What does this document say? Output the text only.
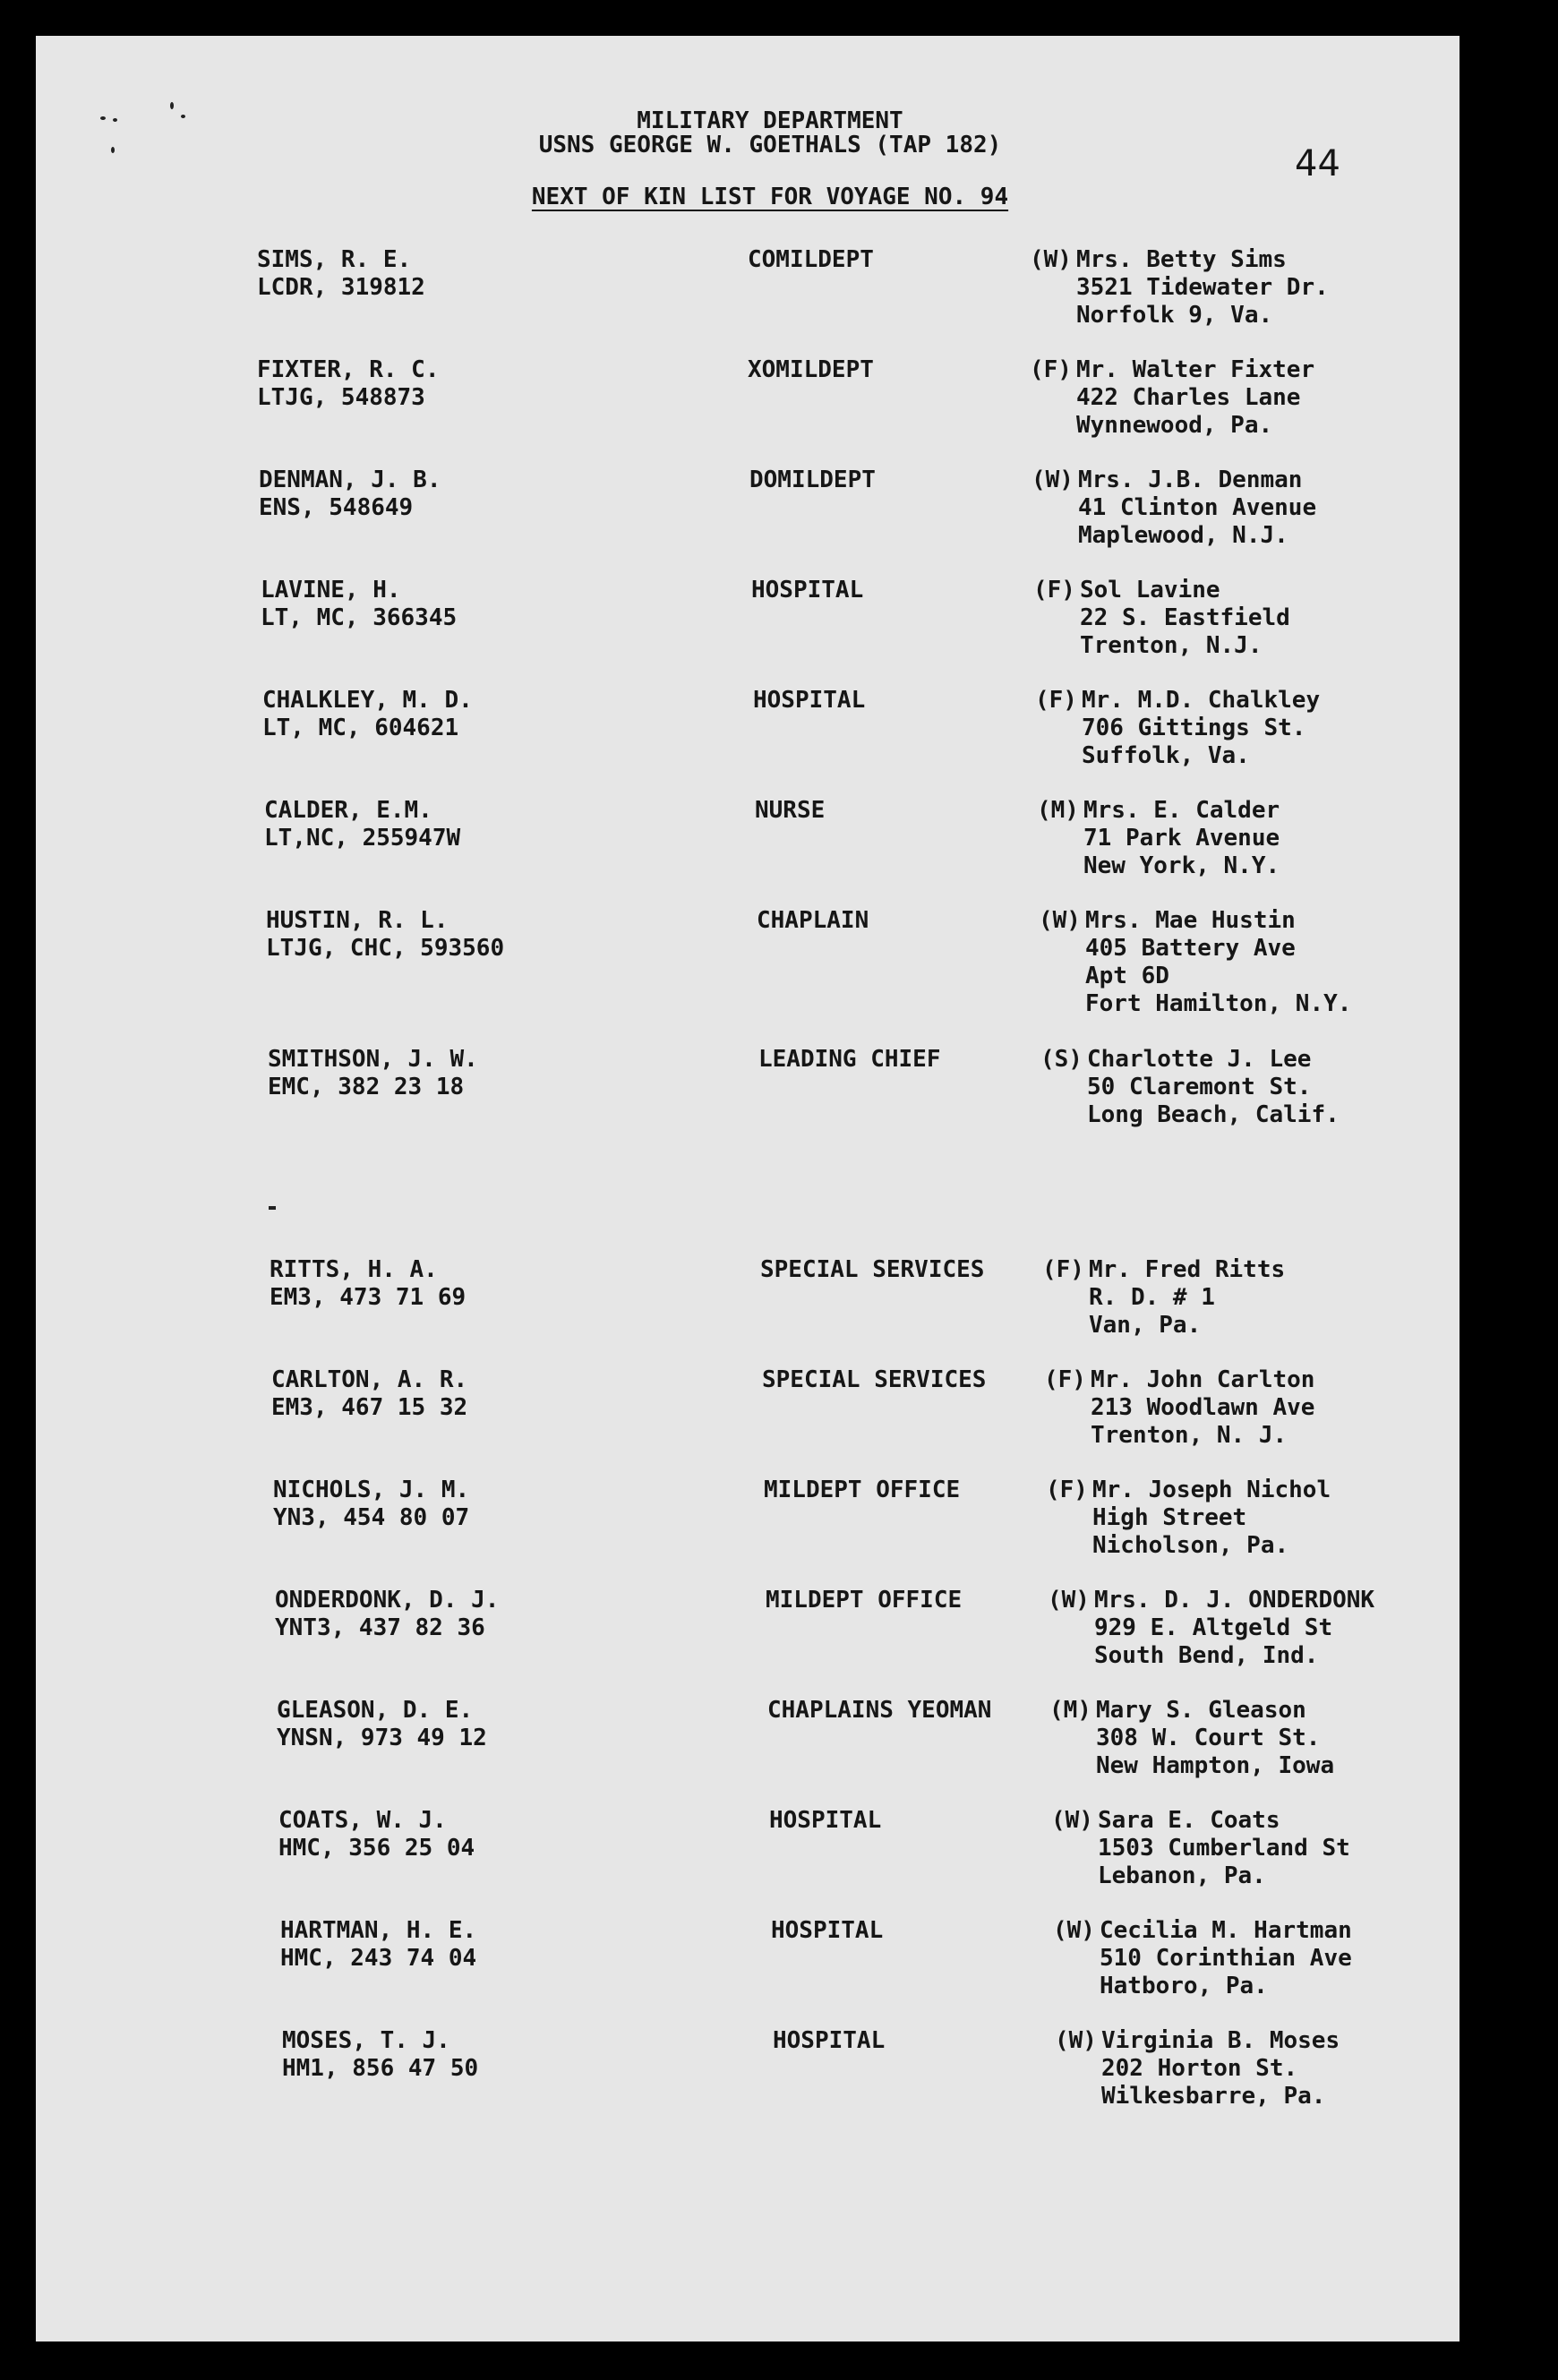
MILITARY DEPARTMENT
USNS GEORGE W. GOETHALS (TAP 182)
NEXT OF KIN LIST FOR VOYAGE NO. 94
44
SIMS, R. E.
LCDR, 319812
COMILDEPT	(W) Mrs. Betty Sims
3521 Tidewater Dr.
Norfolk 9, Va.
FIXTER, R. C.
LTJG, 548873
XOMILDEPT	(F) Mr. Walter Fixter
422 Charles Lane
Wynnewood, Pa.
DENMAN, J. B.
ENS, 548649
DOMILDEPT	(W) Mrs. J.B. Denman
41 Clinton Avenue
Maplewood, N.J.
LAVINE, H.
LT, MC, 366345
HOSPITAL	(F) Sol Lavine
22 S. Eastfield
Trenton, N.J.
CHALKLEY, M. D.
LT, MC, 604621
HOSPITAL	(F) Mr. M.D. Chalkley
706 Gittings St.
Suffolk, Va.
CALDER, E.M.
LT,NC, 255947W
NURSE	(M) Mrs. E. Calder
71 Park Avenue
New York, N.Y.
HUSTIN, R. L.
LTJG, CHC, 593560
CHAPLAIN	(W) Mrs. Mae Hustin
405 Battery Ave
Apt 6D
Fort Hamilton, N.Y.
SMITHSON, J. W.
EMC, 382 23 18
LEADING CHIEF	(S) Charlotte J. Lee
50 Claremont St.
Long Beach, Calif.
RITTS, H. A.
EM3, 473 71 69
SPECIAL SERVICES (F) Mr. Fred Ritts
R. D. # 1
Van, Pa.
CARLTON, A. R.
EM3, 467 15 32
SPECIAL SERVICES (F) Mr. John Carlton
213 Woodlawn Ave
Trenton, N. J.
NICHOLS, J. M.
YN3, 454 80 07
MILDEPT OFFICE	(F) Mr. Joseph Nichol
High Street
Nicholson, Pa.
ONDERDONK, D. J.
YNT3, 437 82 36
MILDEPT OFFICE	(W) Mrs. D. J. ONDERDONK
929 E. Altgeld St
South Bend, Ind.
GLEASON, D. E.
YNSN, 973 49 12
CHAPLAINS YEOMAN (M) Mary S. Gleason
308 W. Court St.
New Hampton, Iowa
COATS, W. J.
HMC, 356 25 04
HOSPITAL	(W) Sara E. Coats
1503 Cumberland St
Lebanon, Pa.
HARTMAN, H. E.
HMC, 243 74 04
HOSPITAL	(W) Cecilia M. Hartman
510 Corinthian Ave
Hatboro, Pa.
MOSES, T. J.
HM1, 856 47 50
HOSPITAL	(W) Virginia B. Moses
202 Horton St.
Wilkesbarre, Pa.
